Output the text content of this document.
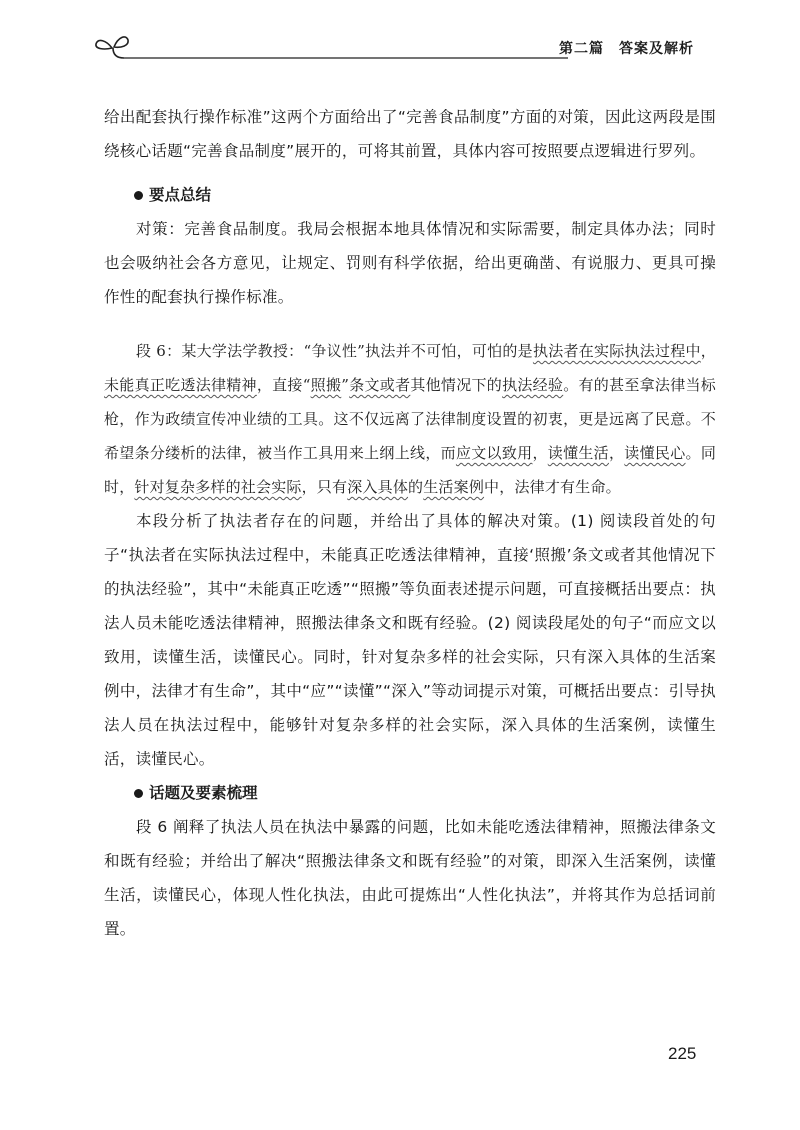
第二篇　答案及解析

给出配套执行操作标准”这两个方面给出了“完善食品制度”方面的对策，因此这两段是围绕核心话题“完善食品制度”展开的，可将其前置，具体内容可按照要点逻辑进行罗列。

要点总结

对策：完善食品制度。我局会根据本地具体情况和实际需要，制定具体办法；同时也会吸纳社会各方意见，让规定、罚则有科学依据，给出更确凿、有说服力、更具可操作性的配套执行操作标准。

段 6：某大学法学教授：“争议性”执法并不可怕，可怕的是执法者在实际执法过程中，未能真正吃透法律精神，直接“照搬”条文或者其他情况下的执法经验。有的甚至拿法律当标枪，作为政绩宣传冲业绩的工具。这不仅远离了法律制度设置的初衷，更是远离了民意。不希望条分缕析的法律，被当作工具用来上纲上线，而应文以致用，读懂生活，读懂民心。同时，针对复杂多样的社会实际，只有深入具体的生活案例中，法律才有生命。

本段分析了执法者存在的问题，并给出了具体的解决对策。(1) 阅读段首处的句子“执法者在实际执法过程中，未能真正吃透法律精神，直接‘照搬’条文或者其他情况下的执法经验”，其中“未能真正吃透”“照搬”等负面表述提示问题，可直接概括出要点：执法人员未能吃透法律精神，照搬法律条文和既有经验。(2) 阅读段尾处的句子“而应文以致用，读懂生活，读懂民心。同时，针对复杂多样的社会实际，只有深入具体的生活案例中，法律才有生命”，其中“应”“读懂”“深入”等动词提示对策，可概括出要点：引导执法人员在执法过程中，能够针对复杂多样的社会实际，深入具体的生活案例，读懂生活，读懂民心。

话题及要素梳理

段 6 阐释了执法人员在执法中暴露的问题，比如未能吃透法律精神，照搬法律条文和既有经验；并给出了解决“照搬法律条文和既有经验”的对策，即深入生活案例，读懂生活，读懂民心，体现人性化执法，由此可提炼出“人性化执法”，并将其作为总括词前置。

225
